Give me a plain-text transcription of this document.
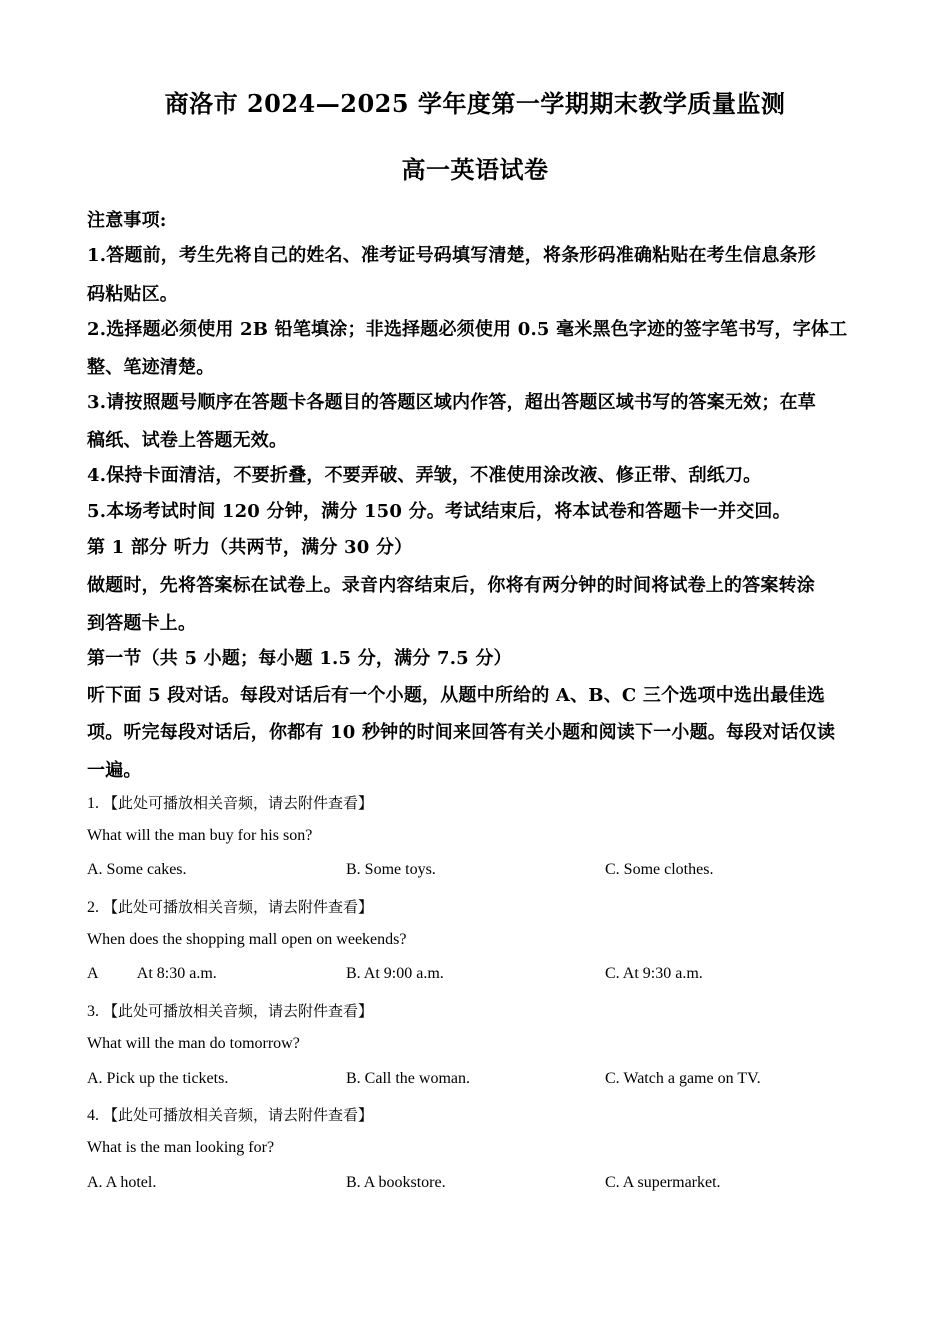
商洛市 2024—2025 学年度第一学期期末教学质量监测
高一英语试卷
注意事项:
1.答题前，考生先将自己的姓名、准考证号码填写清楚，将条形码准确粘贴在考生信息条形
码粘贴区。
2.选择题必须使用 2B 铅笔填涂；非选择题必须使用 0.5 毫米黑色字迹的签字笔书写，字体工
整、笔迹清楚。
3.请按照题号顺序在答题卡各题目的答题区域内作答，超出答题区域书写的答案无效；在草
稿纸、试卷上答题无效。
4.保持卡面清洁，不要折叠，不要弄破、弄皱，不准使用涂改液、修正带、刮纸刀。
5.本场考试时间 120 分钟，满分 150 分。考试结束后，将本试卷和答题卡一并交回。
第 1 部分 听力（共两节，满分 30 分）
做题时，先将答案标在试卷上。录音内容结束后，你将有两分钟的时间将试卷上的答案转涂
到答题卡上。
第一节（共 5 小题；每小题 1.5 分，满分 7.5 分）
听下面 5 段对话。每段对话后有一个小题，从题中所给的 A、B、C 三个选项中选出最佳选
项。听完每段对话后，你都有 10 秒钟的时间来回答有关小题和阅读下一小题。每段对话仅读
一遍。
1. 【此处可播放相关音频，请去附件查看】
What will the man buy for his son?
A. Some cakes.	B. Some toys.	C. Some clothes.
2. 【此处可播放相关音频，请去附件查看】
When does the shopping mall open on weekends?
A          At 8:30 a.m.	B. At 9:00 a.m.	C. At 9:30 a.m.
3. 【此处可播放相关音频，请去附件查看】
What will the man do tomorrow?
A. Pick up the tickets.	B. Call the woman.	C. Watch a game on TV.
4. 【此处可播放相关音频，请去附件查看】
What is the man looking for?
A. A hotel.	B. A bookstore.	C. A supermarket.
